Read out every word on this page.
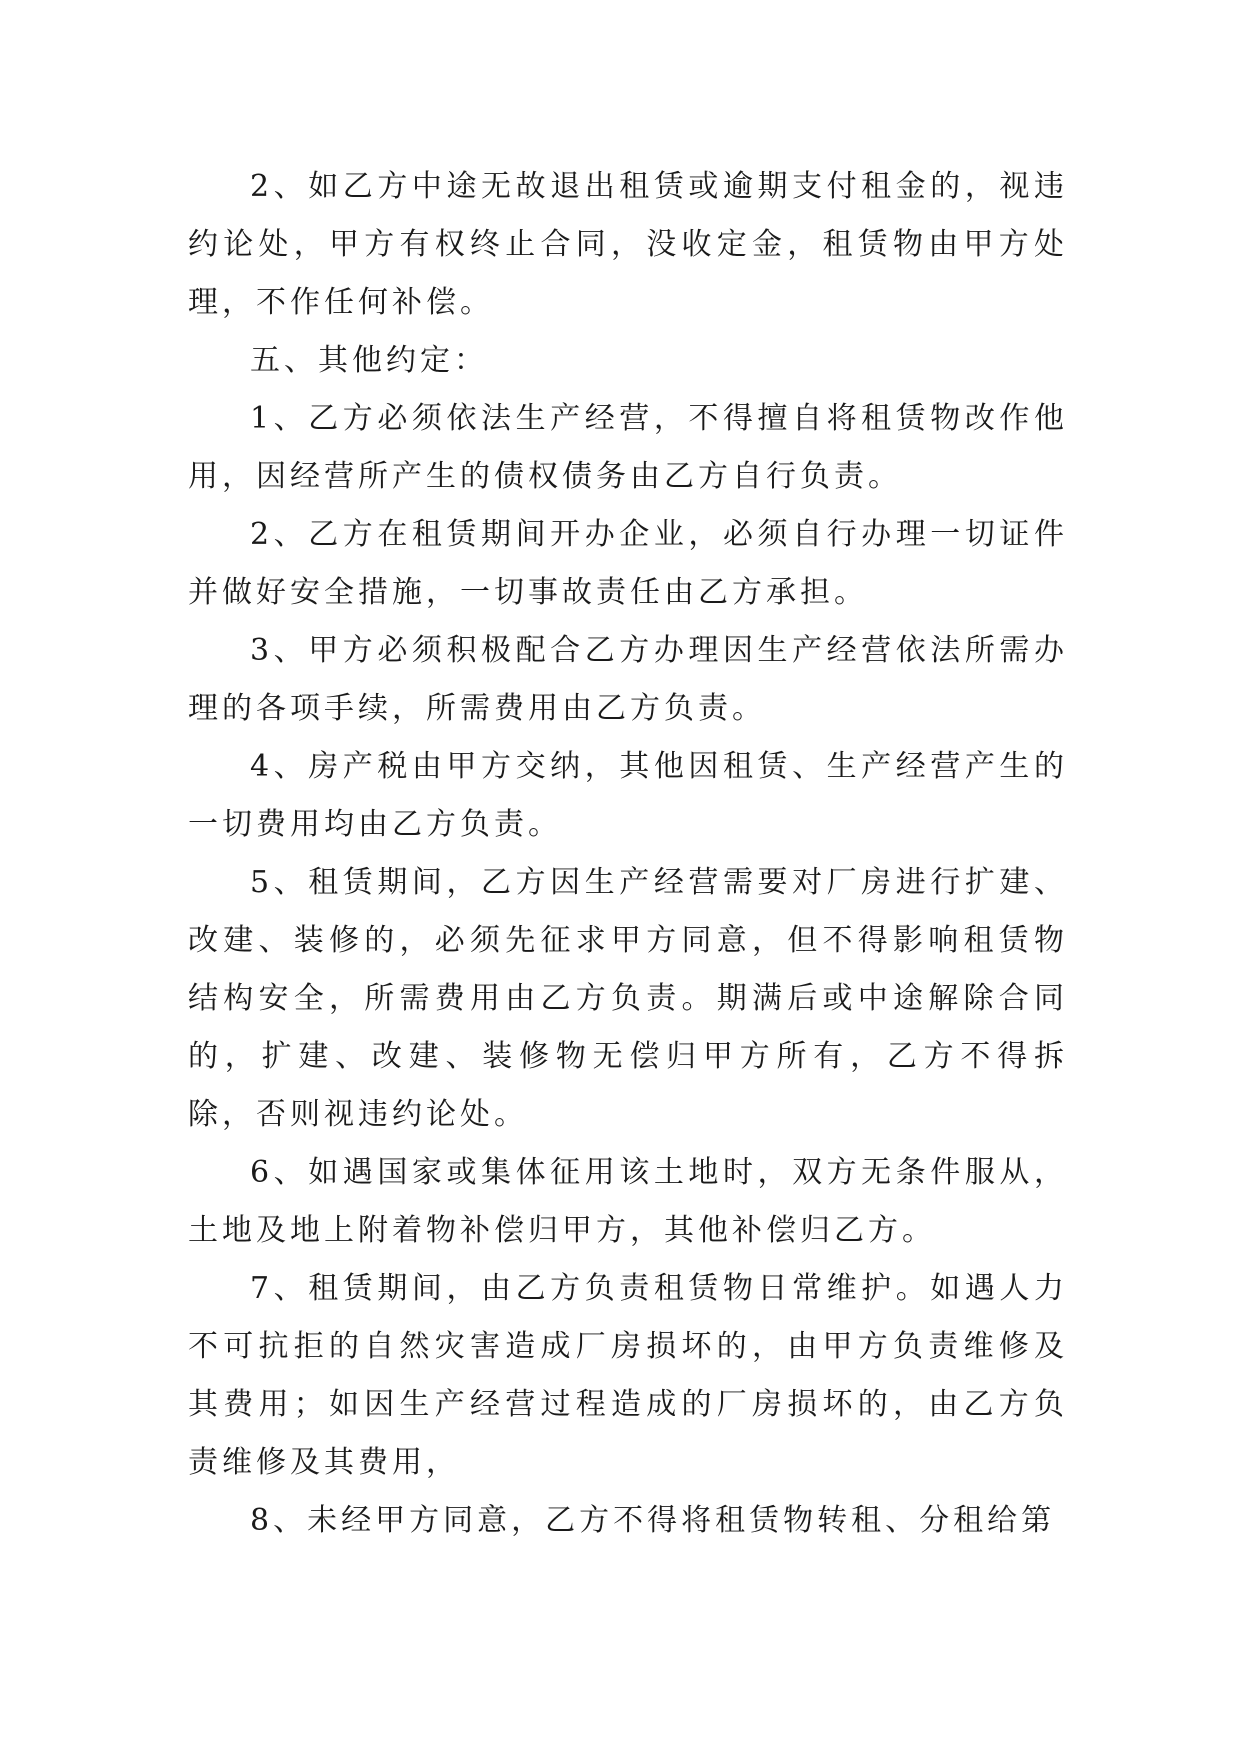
2、如乙方中途无故退出租赁或逾期支付租金的，视违约论处，甲方有权终止合同，没收定金，租赁物由甲方处理，不作任何补偿。

五、其他约定：

1、乙方必须依法生产经营，不得擅自将租赁物改作他用，因经营所产生的债权债务由乙方自行负责。

2、乙方在租赁期间开办企业，必须自行办理一切证件并做好安全措施，一切事故责任由乙方承担。

3、甲方必须积极配合乙方办理因生产经营依法所需办理的各项手续，所需费用由乙方负责。

4、房产税由甲方交纳，其他因租赁、生产经营产生的一切费用均由乙方负责。

5、租赁期间，乙方因生产经营需要对厂房进行扩建、改建、装修的，必须先征求甲方同意，但不得影响租赁物结构安全，所需费用由乙方负责。期满后或中途解除合同的，扩建、改建、装修物无偿归甲方所有，乙方不得拆除，否则视违约论处。

6、如遇国家或集体征用该土地时，双方无条件服从，土地及地上附着物补偿归甲方，其他补偿归乙方。

7、租赁期间，由乙方负责租赁物日常维护。如遇人力不可抗拒的自然灾害造成厂房损坏的，由甲方负责维修及其费用；如因生产经营过程造成的厂房损坏的，由乙方负责维修及其费用，

8、未经甲方同意，乙方不得将租赁物转租、分租给第
